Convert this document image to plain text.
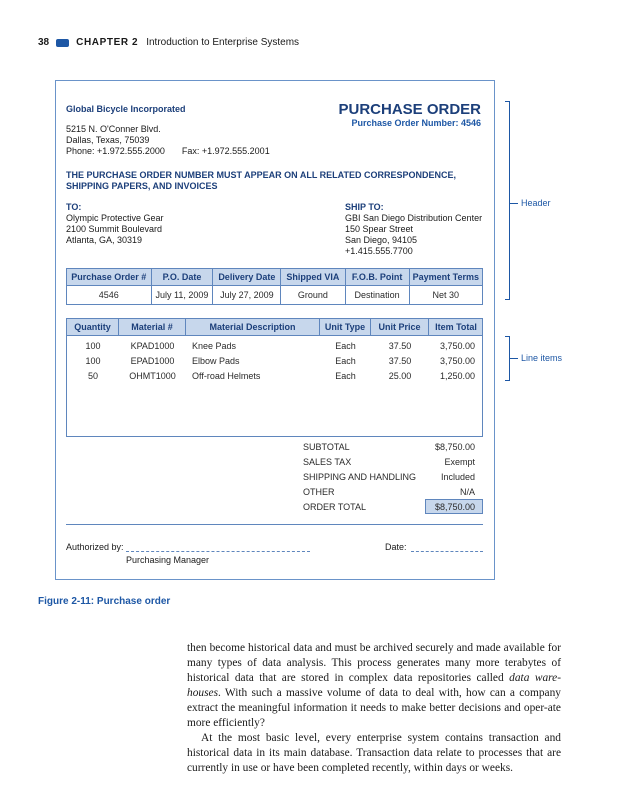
38	CHAPTER 2 Introduction to Enterprise Systems
Global Bicycle Incorporated
5215 N. O'Conner Blvd.
Dallas, Texas, 75039
Phone: +1.972.555.2000 Fax: +1.972.555.2001
PURCHASE ORDER
Purchase Order Number: 4546
THE PURCHASE ORDER NUMBER MUST APPEAR ON ALL RELATED CORRESPONDENCE,
SHIPPING PAPERS, AND INVOICES
TO:
Olympic Protective Gear
2100 Summit Boulevard
Atlanta, GA, 30319
SHIP TO:
GBI San Diego Distribution Center
150 Spear Street
San Diego, 94105
+1.415.555.7700
Purchase Order #	P.O. Date	Delivery Date	Shipped VIA	F.O.B. Point	Payment Terms
4546	July 11, 2009	July 27, 2009	Ground	Destination	Net 30
Quantity	Material #	Material Description	Unit Type	Unit Price	Item Total
100	KPAD1000	Knee Pads	Each	37.50	3,750.00
100	EPAD1000	Elbow Pads	Each	37.50	3,750.00
50	OHMT1000	Off-road Helmets	Each	25.00	1,250.00
SUBTOTAL	$8,750.00
SALES TAX	Exempt
SHIPPING AND HANDLING	Included
OTHER	N/A
ORDER TOTAL	$8,750.00
Authorized by:
Purchasing Manager
Date:
Header
Line items
Figure 2-11: Purchase order

then become historical data and must be archived securely and made available for many types of data analysis. This process generates many more terabytes of historical data that are stored in complex data repositories called data ware-houses. With such a massive volume of data to deal with, how can a company extract the meaningful information it needs to make better decisions and oper-ate more efficiently?

At the most basic level, every enterprise system contains transaction and historical data in its main database. Transaction data relate to processes that are currently in use or have been completed recently, within days or weeks.
